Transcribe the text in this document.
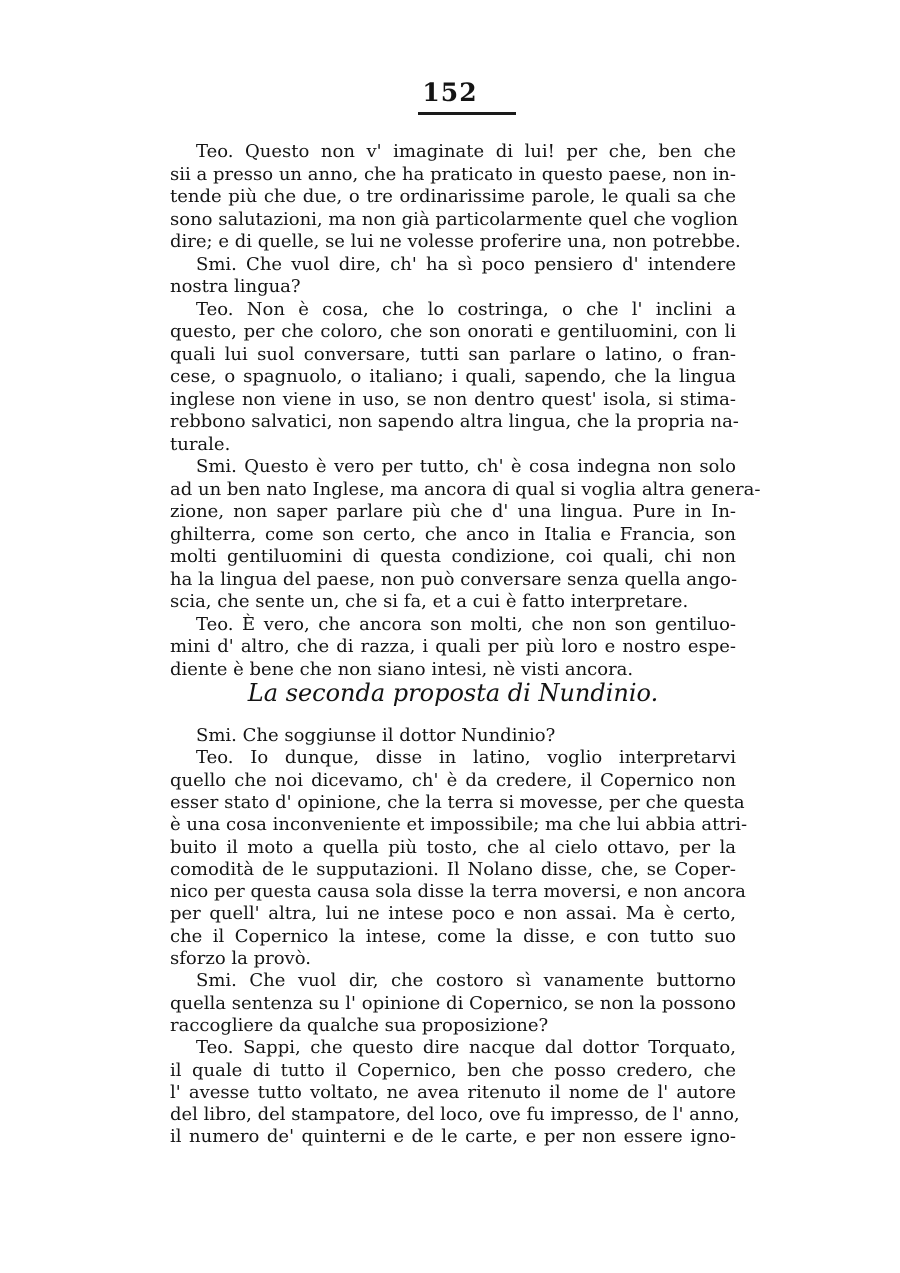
152
Teo. Questo non v' imaginate di lui! per che, ben che
sii a presso un anno, che ha praticato in questo paese, non in-
tende più che due, o tre ordinarissime parole, le quali sa che
sono salutazioni, ma non già particolarmente quel che voglion
dire; e di quelle, se lui ne volesse proferire una, non potrebbe.
Smi. Che vuol dire, ch' ha sì poco pensiero d' intendere
nostra lingua?
Teo. Non è cosa, che lo costringa, o che l' inclini a
questo, per che coloro, che son onorati e gentiluomini, con li
quali lui suol conversare, tutti san parlare o latino, o fran-
cese, o spagnuolo, o italiano; i quali, sapendo, che la lingua
inglese non viene in uso, se non dentro quest' isola, si stima-
rebbono salvatici, non sapendo altra lingua, che la propria na-
turale.
Smi. Questo è vero per tutto, ch' è cosa indegna non solo
ad un ben nato Inglese, ma ancora di qual si voglia altra genera-
zione, non saper parlare più che d' una lingua. Pure in In-
ghilterra, come son certo, che anco in Italia e Francia, son
molti gentiluomini di questa condizione, coi quali, chi non
ha la lingua del paese, non può conversare senza quella ango-
scia, che sente un, che si fa, et a cui è fatto interpretare.
Teo. È vero, che ancora son molti, che non son gentiluo-
mini d' altro, che di razza, i quali per più loro e nostro espe-
diente è bene che non siano intesi, nè visti ancora.
La seconda proposta di Nundinio.
Smi. Che soggiunse il dottor Nundinio?
Teo. Io dunque, disse in latino, voglio interpretarvi
quello che noi dicevamo, ch' è da credere, il Copernico non
esser stato d' opinione, che la terra si movesse, per che questa
è una cosa inconveniente et impossibile; ma che lui abbia attri-
buito il moto a quella più tosto, che al cielo ottavo, per la
comodità de le supputazioni. Il Nolano disse, che, se Coper-
nico per questa causa sola disse la terra moversi, e non ancora
per quell' altra, lui ne intese poco e non assai. Ma è certo,
che il Copernico la intese, come la disse, e con tutto suo
sforzo la provò.
Smi. Che vuol dir, che costoro sì vanamente buttorno
quella sentenza su l' opinione di Copernico, se non la possono
raccogliere da qualche sua proposizione?
Teo. Sappi, che questo dire nacque dal dottor Torquato,
il quale di tutto il Copernico, ben che posso credero, che
l' avesse tutto voltato, ne avea ritenuto il nome de l' autore
del libro, del stampatore, del loco, ove fu impresso, de l' anno,
il numero de' quinterni e de le carte, e per non essere igno-
